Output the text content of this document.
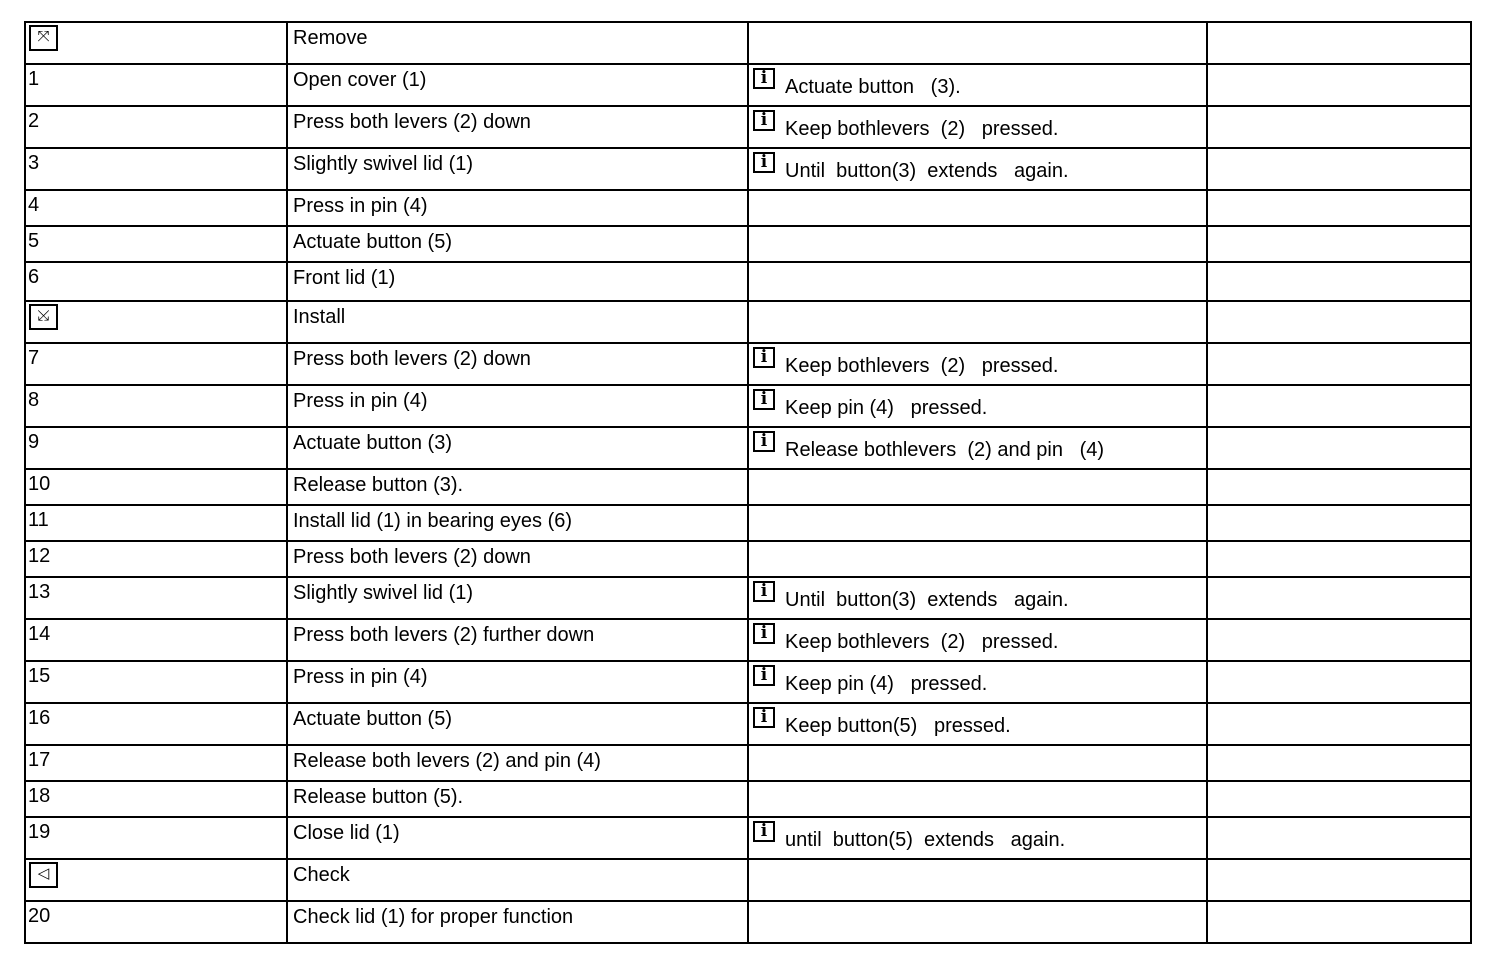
⤧	Remove		

1	Open cover (1)	i Actuate button   (3).	

2	Press both levers (2) down	i Keep bothlevers  (2)   pressed.	

3	Slightly swivel lid (1)	i Until  button(3)  extends   again.	

4	Press in pin (4)		

5	Actuate button (5)		

6	Front lid (1)		

⤩	Install		

7	Press both levers (2) down	i Keep bothlevers  (2)   pressed.	

8	Press in pin (4)	i Keep pin (4)   pressed.	

9	Actuate button (3)	i Release bothlevers  (2) and pin   (4)	

10	Release button (3).		

11	Install lid (1) in bearing eyes (6)		

12	Press both levers (2) down		

13	Slightly swivel lid (1)	i Until  button(3)  extends   again.	

14	Press both levers (2) further down	i Keep bothlevers  (2)   pressed.	

15	Press in pin (4)	i Keep pin (4)   pressed.	

16	Actuate button (5)	i Keep button(5)   pressed.	

17	Release both levers (2) and pin (4)		

18	Release button (5).		

19	Close lid (1)	i until  button(5)  extends   again.	

◁	Check		

20	Check lid (1) for proper function		
